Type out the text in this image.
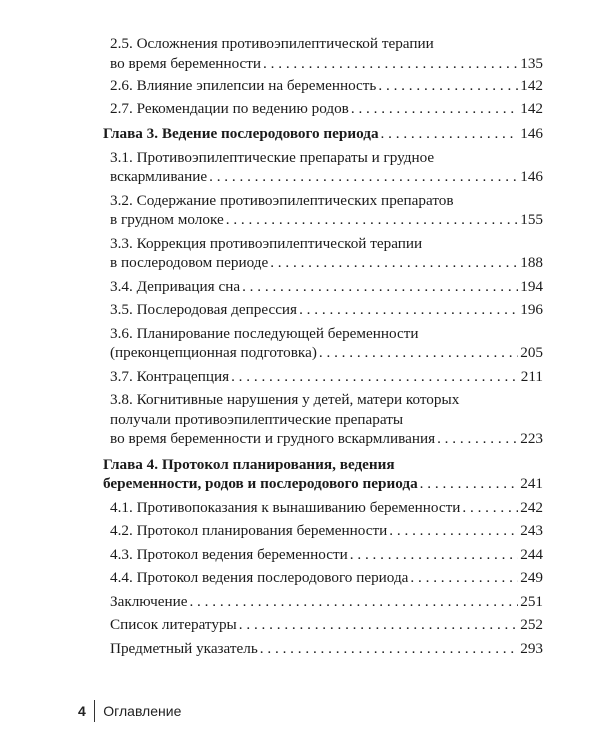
2.5. Осложнения противоэпилептической терапии
во время беременности . . .	135
2.6. Влияние эпилепсии на беременность . . .	142
2.7. Рекомендации по ведению родов . . .	142
Глава 3. Ведение послеродового периода . . .	146
3.1. Противоэпилептические препараты и грудное
вскармливание . . .	146
3.2. Содержание противоэпилептических препаратов
в грудном молоке . . .	155
3.3. Коррекция противоэпилептической терапии
в послеродовом периоде . . .	188
3.4. Депривация сна . . .	194
3.5. Послеродовая депрессия . . .	196
3.6. Планирование последующей беременности
(преконцепционная подготовка) . . .	205
3.7. Контрацепция . . .	211
3.8. Когнитивные нарушения у детей, матери которых
получали противоэпилептические препараты
во время беременности и грудного вскармливания . . .	223
Глава 4. Протокол планирования, ведения
беременности, родов и послеродового периода . . .	241
4.1. Противопоказания к вынашиванию беременности . . .	242
4.2. Протокол планирования беременности . . .	243
4.3. Протокол ведения беременности . . .	244
4.4. Протокол ведения послеродового периода . . .	249
Заключение . . .	251
Список литературы . . .	252
Предметный указатель . . .	293
4 Оглавление
